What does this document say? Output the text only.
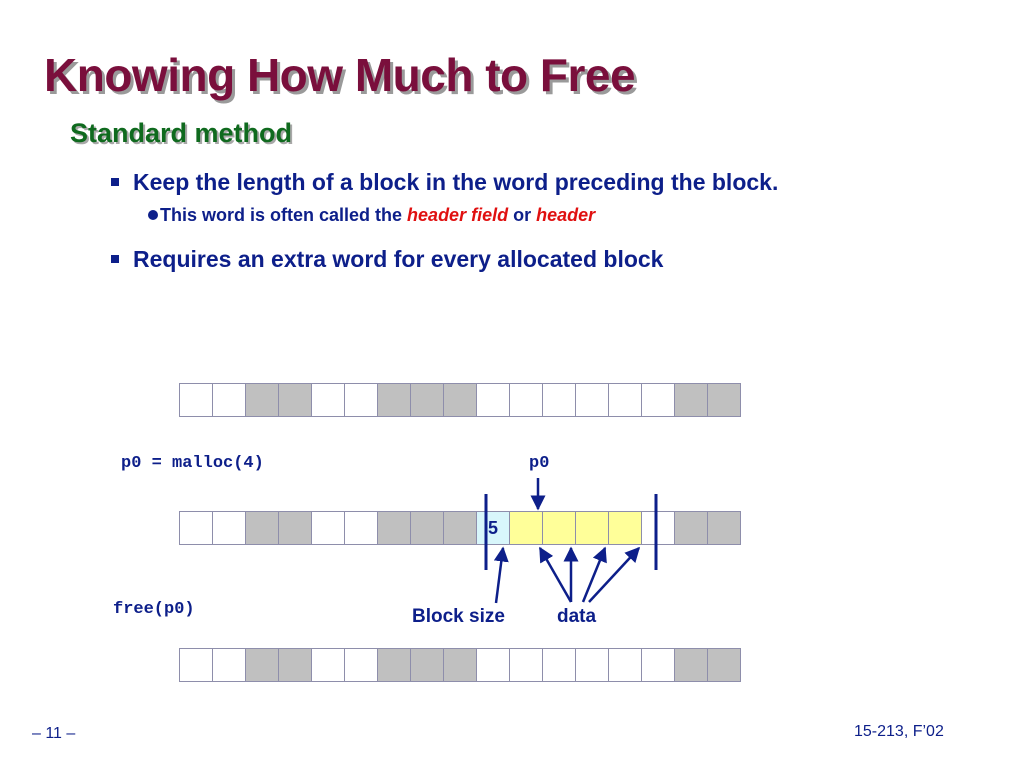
Knowing How Much to Free
Standard method
Keep the length of a block in the word preceding the block.
This word is often called the header field or header
Requires an extra word for every allocated block
p0 = malloc(4)	p0
5
free(p0)	Block size	data
– 11 –	15-213, F’02
